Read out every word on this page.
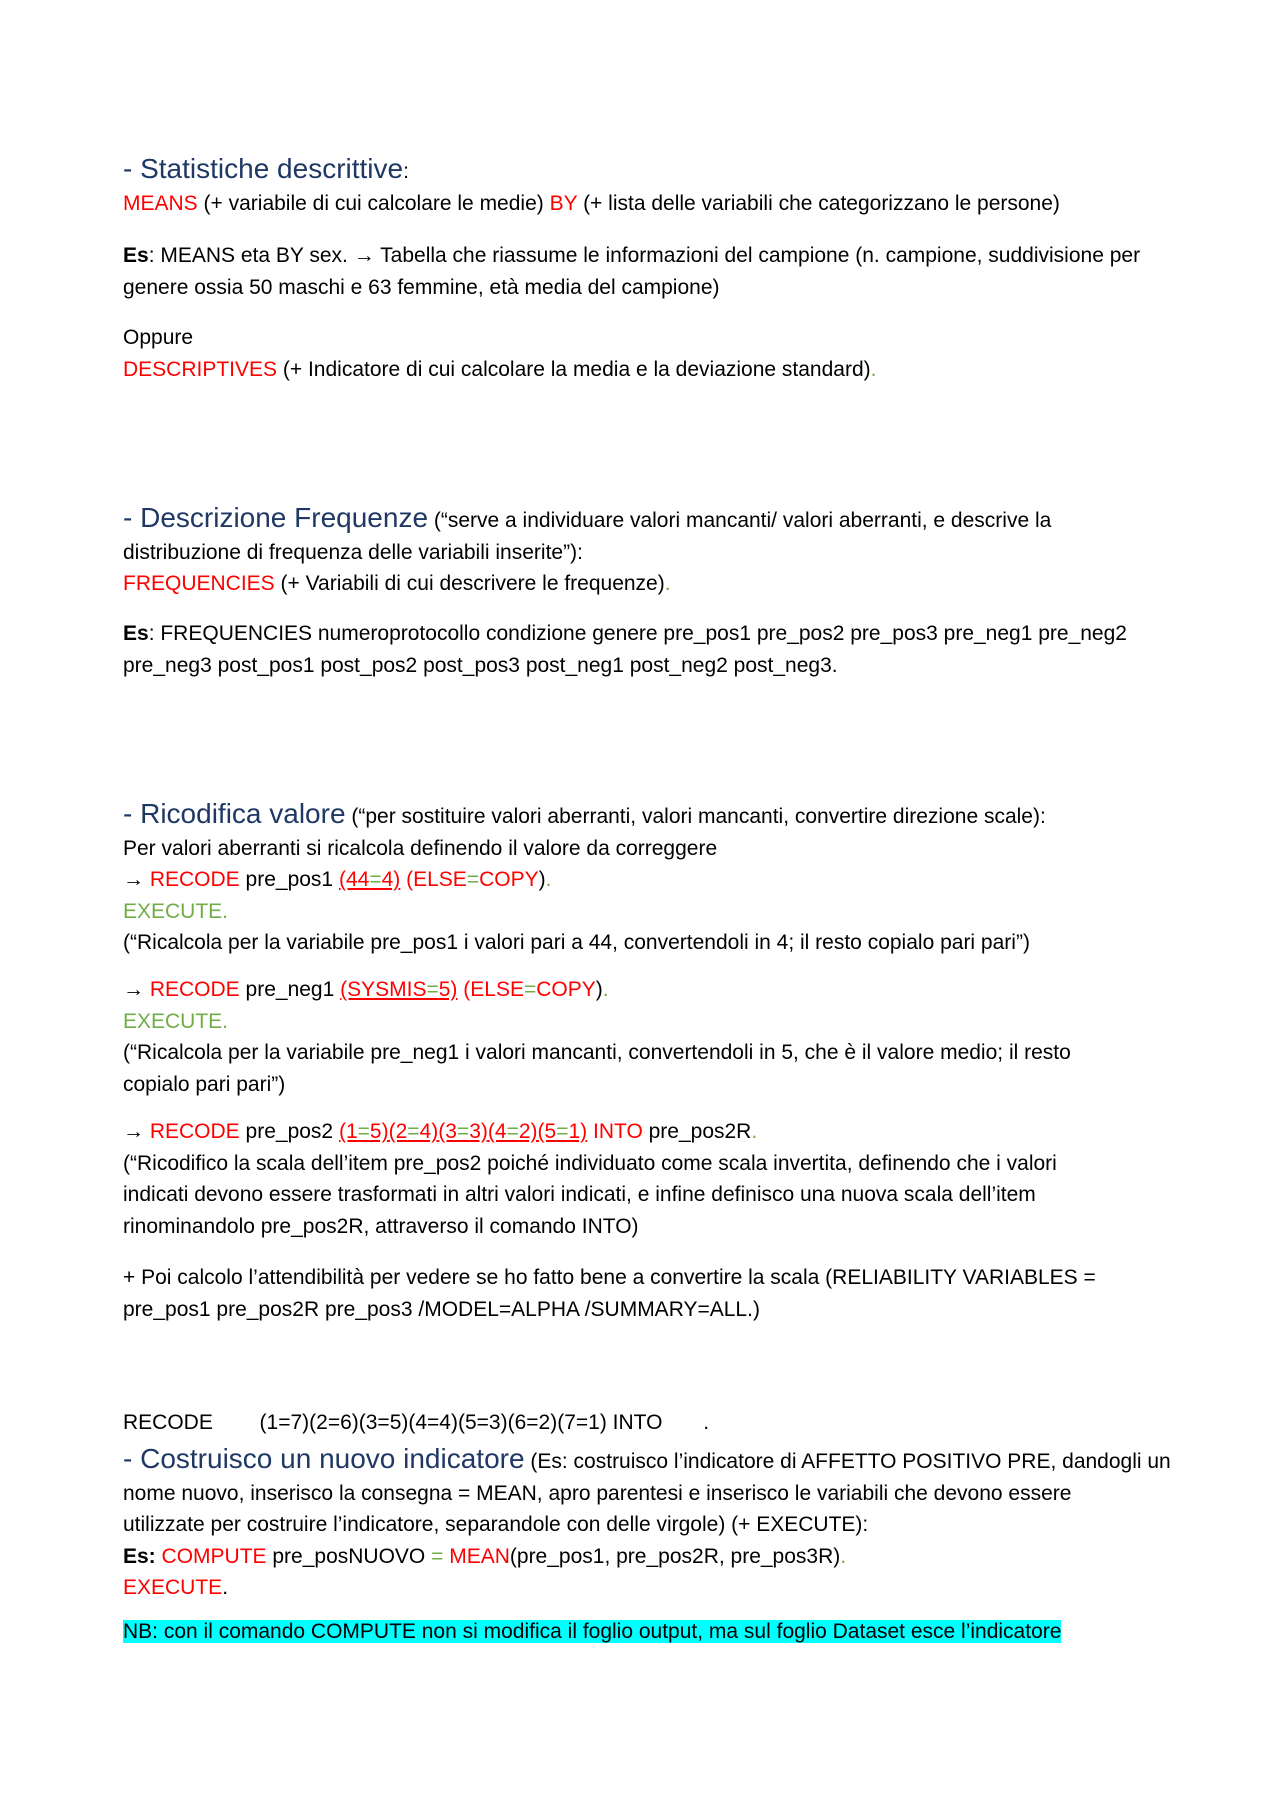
- Statistiche descrittive:
MEANS (+ variabile di cui calcolare le medie) BY (+ lista delle variabili che categorizzano le persone)
Es: MEANS eta BY sex. → Tabella che riassume le informazioni del campione (n. campione, suddivisione per
genere ossia 50 maschi e 63 femmine, età media del campione)
Oppure
DESCRIPTIVES (+ Indicatore di cui calcolare la media e la deviazione standard).
- Descrizione Frequenze (“serve a individuare valori mancanti/ valori aberranti, e descrive la
distribuzione di frequenza delle variabili inserite”):
FREQUENCIES (+ Variabili di cui descrivere le frequenze).
Es: FREQUENCIES numeroprotocollo condizione genere pre_pos1 pre_pos2 pre_pos3 pre_neg1 pre_neg2
pre_neg3 post_pos1 post_pos2 post_pos3 post_neg1 post_neg2 post_neg3.
- Ricodifica valore (“per sostituire valori aberranti, valori mancanti, convertire direzione scale):
Per valori aberranti si ricalcola definendo il valore da correggere
→ RECODE pre_pos1 (44=4) (ELSE=COPY).
EXECUTE.
(“Ricalcola per la variabile pre_pos1 i valori pari a 44, convertendoli in 4; il resto copialo pari pari”)
→ RECODE pre_neg1 (SYSMIS=5) (ELSE=COPY).
EXECUTE.
(“Ricalcola per la variabile pre_neg1 i valori mancanti, convertendoli in 5, che è il valore medio; il resto
copialo pari pari”)
→ RECODE pre_pos2 (1=5)(2=4)(3=3)(4=2)(5=1) INTO pre_pos2R.
(“Ricodifico la scala dell’item pre_pos2 poiché individuato come scala invertita, definendo che i valori
indicati devono essere trasformati in altri valori indicati, e infine definisco una nuova scala dell’item
rinominandolo pre_pos2R, attraverso il comando INTO)
+ Poi calcolo l’attendibilità per vedere se ho fatto bene a convertire la scala (RELIABILITY VARIABLES =
pre_pos1 pre_pos2R pre_pos3 /MODEL=ALPHA /SUMMARY=ALL.)

RECODE (1=7)(2=6)(3=5)(4=4)(5=3)(6=2)(7=1) INTO .

- Costruisco un nuovo indicatore (Es: costruisco l’indicatore di AFFETTO POSITIVO PRE, dandogli un
nome nuovo, inserisco la consegna = MEAN, apro parentesi e inserisco le variabili che devono essere
utilizzate per costruire l’indicatore, separandole con delle virgole) (+ EXECUTE):
Es: COMPUTE pre_posNUOVO = MEAN(pre_pos1, pre_pos2R, pre_pos3R).
EXECUTE.
NB: con il comando COMPUTE non si modifica il foglio output, ma sul foglio Dataset esce l’indicatore
